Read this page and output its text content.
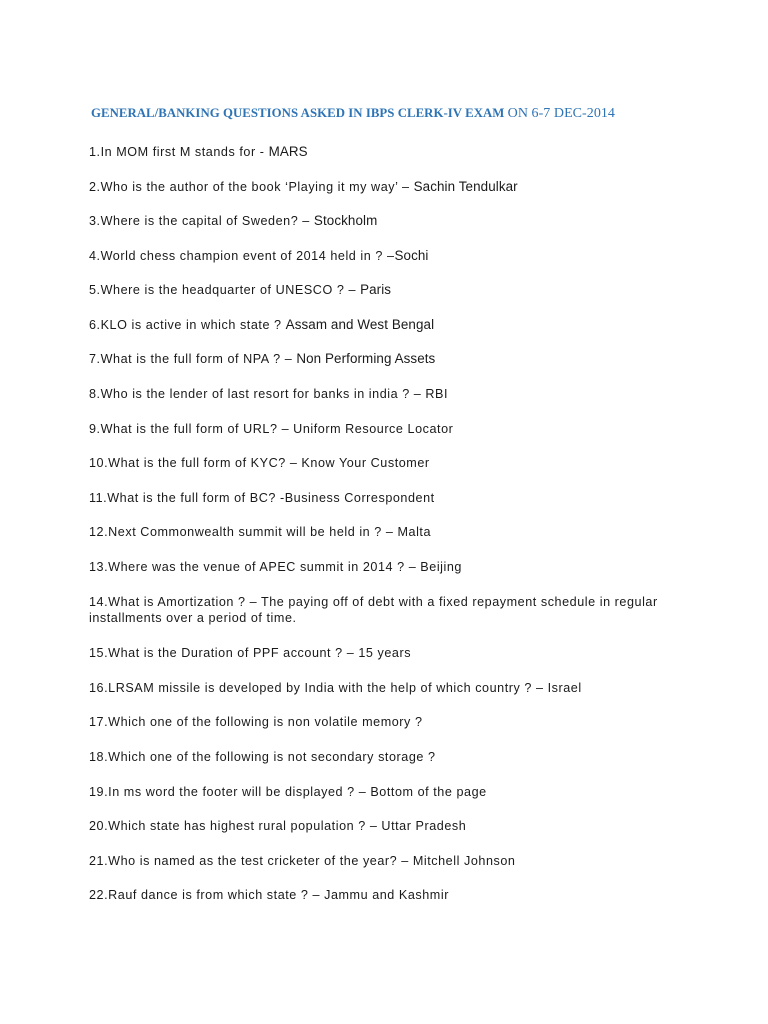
GENERAL/BANKING QUESTIONS ASKED IN IBPS CLERK-IV EXAM ON 6-7 DEC-2014
1.In MOM first M stands for - MARS
2.Who is the author of the book ‘Playing it my way’ – Sachin Tendulkar
3.Where is the capital of Sweden? – Stockholm
4.World chess champion event of 2014 held in ? –Sochi
5.Where is the headquarter of UNESCO ? – Paris
6.KLO is active in which state ? Assam and West Bengal
7.What is the full form of NPA ? – Non Performing Assets
8.Who is the lender of last resort for banks in india ? – RBI
9.What is the full form of URL? – Uniform Resource Locator
10.What is the full form of KYC? – Know Your Customer
11.What is the full form of BC? -Business Correspondent
12.Next Commonwealth summit will be held in ? – Malta
13.Where was the venue of APEC summit in 2014 ? – Beijing
14.What is Amortization ? – The paying off of debt with a fixed repayment schedule in regular installments over a period of time.
15.What is the Duration of PPF account ? – 15 years
16.LRSAM missile is developed by India with the help of which country ? – Israel
17.Which one of the following is non volatile memory ?
18.Which one of the following is not secondary storage ?
19.In ms word the footer will be displayed ? – Bottom of the page
20.Which state has highest rural population ? – Uttar Pradesh
21.Who is named as the test cricketer of the year? – Mitchell Johnson
22.Rauf dance is from which state ? – Jammu and Kashmir
